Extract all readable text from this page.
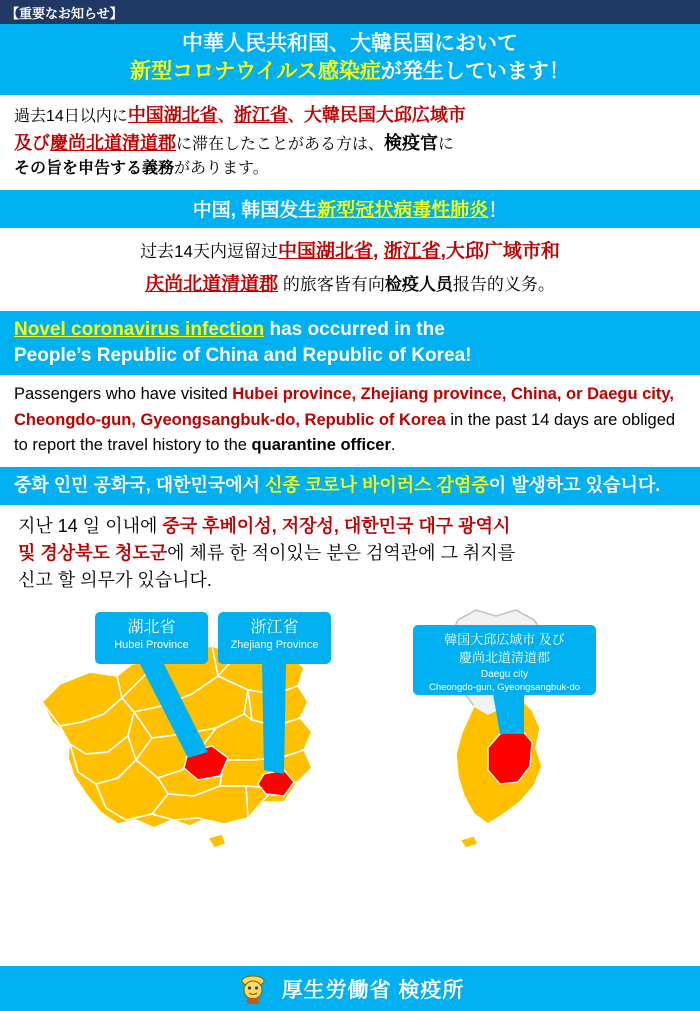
【重要なお知らせ】
中華人民共和国、大韓民国において
新型コロナウイルス感染症が発生しています！
過去14日以内に中国湖北省、浙江省、大韓民国大邱広域市
及び慶尚北道清道郡に滞在したことがある方は、検疫官に
その旨を申告する義務があります。
中国, 韩国发生新型冠状病毒性肺炎！
过去14天内逗留过中国湖北省, 浙江省,大邱广域市和
庆尚北道清道郡 的旅客皆有向检疫人员报告的义务。
Novel coronavirus infection has occurred in the
People’s Republic of China and Republic of Korea!
Passengers who have visited Hubei province, Zhejiang province, China, or Daegu city, Cheongdo-gun, Gyeongsangbuk-do, Republic of Korea in the past 14 days are obliged to report the travel history to the quarantine officer.
중화 인민 공화국, 대한민국에서 신종 코로나 바이러스 감염증이 발생하고 있습니다.
지난 14 일 이내에 중국 후베이성, 저장성, 대한민국 대구 광역시
및 경상북도 청도군에 체류 한 적이있는 분은 검역관에 그 취지를
신고 할 의무가 있습니다.
湖北省
Hubei Province
浙江省
Zhejiang Province	韓国大邱広域市 及び
慶尚北道清道郡
Daegu city
Cheongdo-gun, Gyeongsangbuk-do
厚生労働省 検疫所
